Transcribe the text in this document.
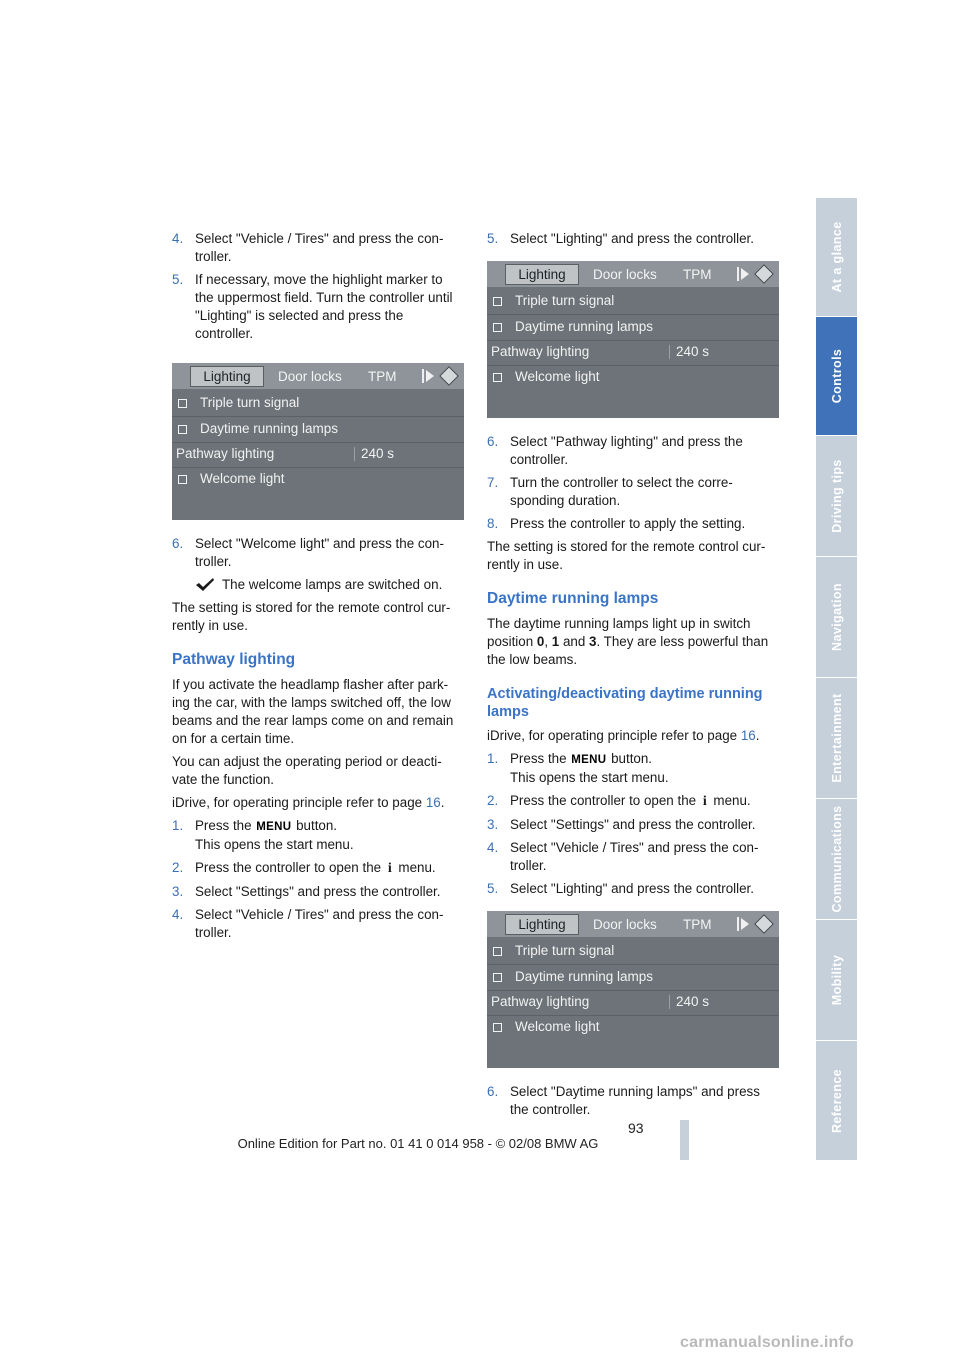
4. Select "Vehicle / Tires" and press the con-troller.
5. If necessary, move the highlight marker to the uppermost field. Turn the controller until "Lighting" is selected and press the controller.
Lighting	Door locks TPM
Triple turn signal
Daytime running lamps
Pathway lighting	240 s
Welcome light
6. Select "Welcome light" and press the con-troller.
The welcome lamps are switched on.

The setting is stored for the remote control cur-rently in use.

Pathway lighting

If you activate the headlamp flasher after park-ing the car, with the lamps switched off, the low beams and the rear lamps come on and remain on for a certain time.

You can adjust the operating period or deacti-vate the function.

iDrive, for operating principle refer to page 16.

1. Press the MENU button.
This opens the start menu.
2. Press the controller to open the i menu.
3. Select "Settings" and press the controller.
4. Select "Vehicle / Tires" and press the con-troller.
5. Select "Lighting" and press the controller.
Lighting	Door locks TPM
Triple turn signal
Daytime running lamps
Pathway lighting	240 s
Welcome light
6. Select "Pathway lighting" and press the controller.
7. Turn the controller to select the corre-sponding duration.
8. Press the controller to apply the setting.

The setting is stored for the remote control cur-rently in use.

Daytime running lamps

The daytime running lamps light up in switch position 0, 1 and 3. They are less powerful than the low beams.

Activating/deactivating daytime running lamps

iDrive, for operating principle refer to page 16.

1. Press the MENU button.
This opens the start menu.
2. Press the controller to open the i menu.
3. Select "Settings" and press the controller.
4. Select "Vehicle / Tires" and press the con-troller.
5. Select "Lighting" and press the controller.
Lighting	Door locks TPM
Triple turn signal
Daytime running lamps
Pathway lighting	240 s
Welcome light
6. Select "Daytime running lamps" and press the controller.
At a glance
Controls
Driving tips
Navigation
Entertainment
Communications
Mobility
Reference
93
Online Edition for Part no. 01 41 0 014 958 - © 02/08 BMW AG
carmanualsonline.info
